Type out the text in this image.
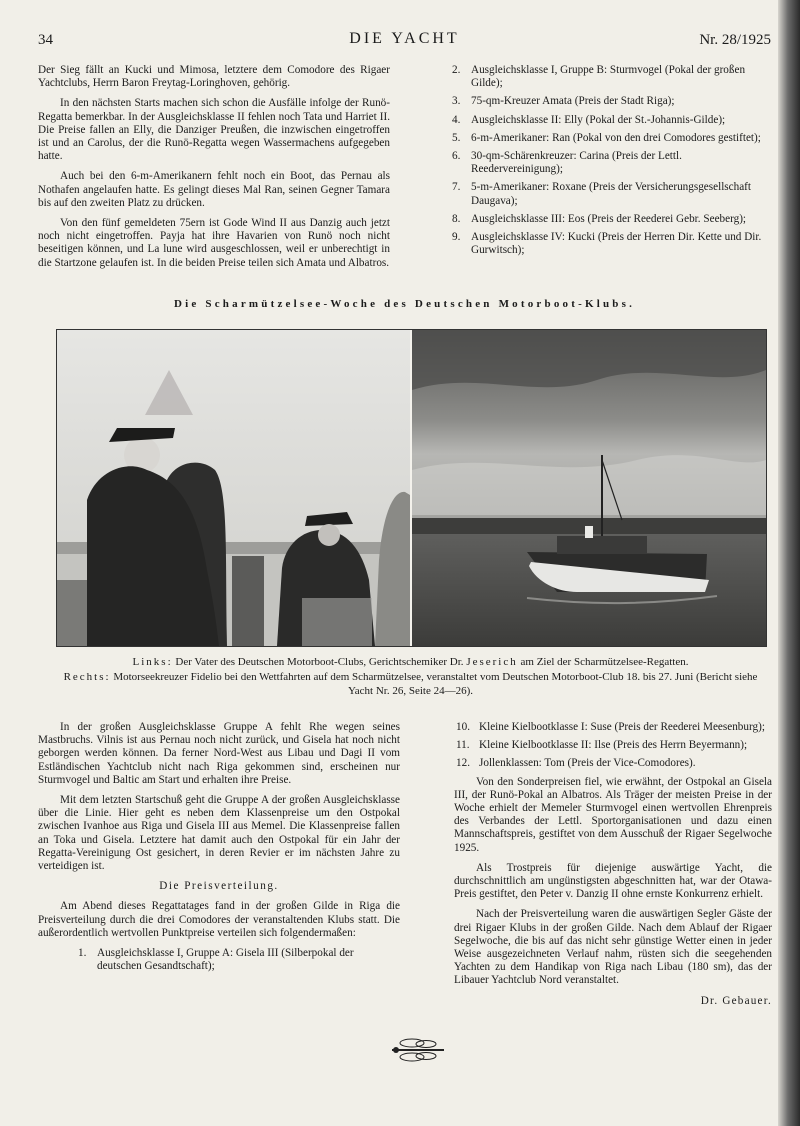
34	DIE YACHT	Nr. 28/1925

Der Sieg fällt an Kucki und Mimosa, letztere dem Comodore des Rigaer Yachtclubs, Herrn Baron Freytag-Loringhoven, gehörig.

In den nächsten Starts machen sich schon die Ausfälle infolge der Runö-Regatta bemerkbar. In der Ausgleichsklasse II fehlen noch Tata und Harriet II. Die Preise fallen an Elly, die Danziger Preußen, die inzwischen eingetroffen ist und an Carolus, der die Runö-Regatta wegen Wassermachens aufgegeben hatte.

Auch bei den 6-m-Amerikanern fehlt noch ein Boot, das Pernau als Nothafen angelaufen hatte. Es gelingt dieses Mal Ran, seinen Gegner Tamara bis auf den zweiten Platz zu drücken.

Von den fünf gemeldeten 75ern ist Gode Wind II aus Danzig auch jetzt noch nicht eingetroffen. Payja hat ihre Havarien von Runö noch nicht beseitigen können, und La lune wird ausgeschlossen, weil er unberechtigt in die Startzone gelaufen ist. In die beiden Preise teilen sich Amata und Albatros.

2. Ausgleichsklasse I, Gruppe B: Sturmvogel (Pokal der großen Gilde);
3. 75-qm-Kreuzer Amata (Preis der Stadt Riga);
4. Ausgleichsklasse II: Elly (Pokal der St.-Johannis-Gilde);
5. 6-m-Amerikaner: Ran (Pokal von den drei Comodores gestiftet);
6. 30-qm-Schärenkreuzer: Carina (Preis der Lettl. Reedervereinigung);
7. 5-m-Amerikaner: Roxane (Preis der Versicherungsgesellschaft Daugava);
8. Ausgleichsklasse III: Eos (Preis der Reederei Gebr. Seeberg);
9. Ausgleichsklasse IV: Kucki (Preis der Herren Dir. Kette und Dir. Gurwitsch);
Die Scharmützelsee-Woche des Deutschen Motorboot-Klubs.
Links: Der Vater des Deutschen Motorboot-Clubs, Gerichtschemiker Dr. Jeserich am Ziel der Scharmützelsee-Regatten.
Rechts: Motorseekreuzer Fidelio bei den Wettfahrten auf dem Scharmützelsee, veranstaltet vom Deutschen Motorboot-Club 18. bis 27. Juni (Bericht siehe Yacht Nr. 26, Seite 24—26).

In der großen Ausgleichsklasse Gruppe A fehlt Rhe wegen seines Mastbruchs. Vilnis ist aus Pernau noch nicht zurück, und Gisela hat noch nicht geborgen werden können. Da ferner Nord-West aus Libau und Dagi II vom Estländischen Yachtclub nicht nach Riga gekommen sind, erscheinen nur Sturmvogel und Baltic am Start und erhalten ihre Preise.

Mit dem letzten Startschuß geht die Gruppe A der großen Ausgleichsklasse über die Linie. Hier geht es neben dem Klassenpreise um den Ostpokal zwischen Ivanhoe aus Riga und Gisela III aus Memel. Die Klassenpreise fallen an Toka und Gisela. Letztere hat damit auch den Ostpokal für ein Jahr der Regatta-Vereinigung Ost gesichert, in deren Revier er im nächsten Jahre zu verteidigen ist.

Die Preisverteilung.

Am Abend dieses Regattatages fand in der großen Gilde in Riga die Preisverteilung durch die drei Comodores der veranstaltenden Klubs statt. Die außerordentlich wertvollen Punktpreise verteilen sich folgendermaßen:

1. Ausgleichsklasse I, Gruppe A: Gisela III (Silberpokal der deutschen Gesandtschaft);
10. Kleine Kielbootklasse I: Suse (Preis der Reederei Meesenburg);
11. Kleine Kielbootklasse II: Ilse (Preis des Herrn Beyermann);
12. Jollenklassen: Tom (Preis der Vice-Comodores).

Von den Sonderpreisen fiel, wie erwähnt, der Ostpokal an Gisela III, der Runö-Pokal an Albatros. Als Träger der meisten Preise in der Woche erhielt der Memeler Sturmvogel einen wertvollen Ehrenpreis des Verbandes der Lettl. Sportorganisationen und dazu einen Mannschaftspreis, gestiftet von dem Ausschuß der Rigaer Segelwoche 1925.

Als Trostpreis für diejenige auswärtige Yacht, die durchschnittlich am ungünstigsten abgeschnitten hat, war der Otawa-Preis gestiftet, den Peter v. Danzig II ohne ernste Konkurrenz erhielt.

Nach der Preisverteilung waren die auswärtigen Segler Gäste der drei Rigaer Klubs in der großen Gilde. Nach dem Ablauf der Rigaer Segelwoche, die bis auf das nicht sehr günstige Wetter einen in jeder Weise ausgezeichneten Verlauf nahm, rüsten sich die seegehenden Yachten zu dem Handikap von Riga nach Libau (180 sm), das der Libauer Yachtclub Nord veranstaltet.

Dr. Gebauer.
